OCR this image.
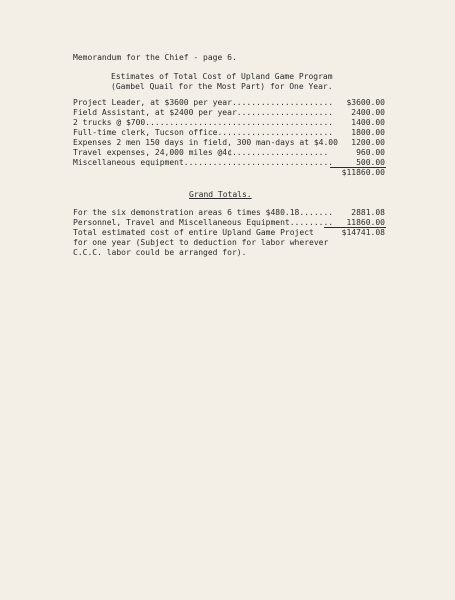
Memorandum for the Chief - page 6.
Estimates of Total Cost of Upland Game Program
(Gambel Quail for the Most Part) for One Year.
Project Leader, at $3600 per year..................... $3600.00
Field Assistant, at $2400 per year.................... 2400.00
2 trucks @ $700....................................... 1400.00
Full-time clerk, Tucson office........................ 1800.00
Expenses 2 men 150 days in field, 300 man-days at $4.00 1200.00
Travel expenses, 24,000 miles @4¢....................	960.00
Miscellaneous equipment...............................	500.00
$11860.00
Grand Totals.
For the six demonstration areas 6 times $480.18....... 2881.08
Personnel, Travel and Miscellaneous Equipment......... 11860.00
Total estimated cost of entire Upland Game Project	$14741.08
for one year (Subject to deduction for labor wherever
C.C.C. labor could be arranged for).
